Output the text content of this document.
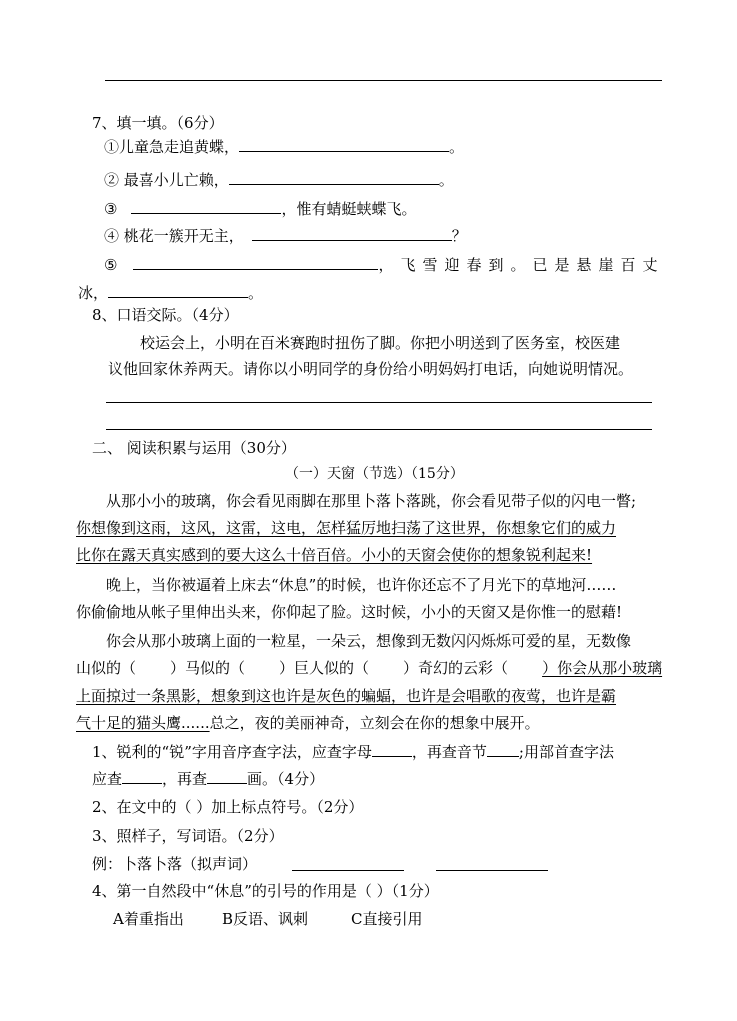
7、填一填。（6分）
①儿童急走追黄蝶，	。
② 最喜小儿亡赖，	。
③	，惟有蜻蜓蛱蝶飞。
④ 桃花一簇开无主，	？
⑤	，飞雪迎春到。已是悬崖百丈
冰，	。
8、口语交际。（4分）
校运会上，小明在百米赛跑时扭伤了脚。你把小明送到了医务室，校医建
议他回家休养两天。请你以小明同学的身份给小明妈妈打电话，向她说明情况。
二、 阅读积累与运用（30分）
（一）天窗（节选）（15分）
从那小小的玻璃，你会看见雨脚在那里卜落卜落跳，你会看见带子似的闪电一瞥;
你想像到这雨，这风，这雷，这电，怎样猛厉地扫荡了这世界，你想象它们的威力
比你在露天真实感到的要大这么十倍百倍。小小的天窗会使你的想象锐利起来!
晚上，当你被逼着上床去“休息”的时候，也许你还忘不了月光下的草地河……
你偷偷地从帐子里伸出头来，你仰起了脸。这时候，小小的天窗又是你惟一的慰藉!
你会从那小玻璃上面的一粒星，一朵云，想像到无数闪闪烁烁可爱的星，无数像
山似的（ ）马似的（ ）巨人似的（ ）奇幻的云彩（ ）你会从那小玻璃
上面掠过一条黑影，想象到这也许是灰色的蝙蝠，也许是会唱歌的夜莺，也许是霸
气十足的猫头鹰......总之，夜的美丽神奇，立刻会在你的想象中展开。
1、锐利的“锐”字用音序查字法，应查字母	，再查音节 ;用部首查字法
应查	，再查	画。（4分）
2、在文中的（ ）加上标点符号。（2分）
3、照样子，写词语。（2分）
例：卜落卜落（拟声词）
4、第一自然段中“休息”的引号的作用是（ ）（1分）
A着重指出	B反语、讽刺	C直接引用
